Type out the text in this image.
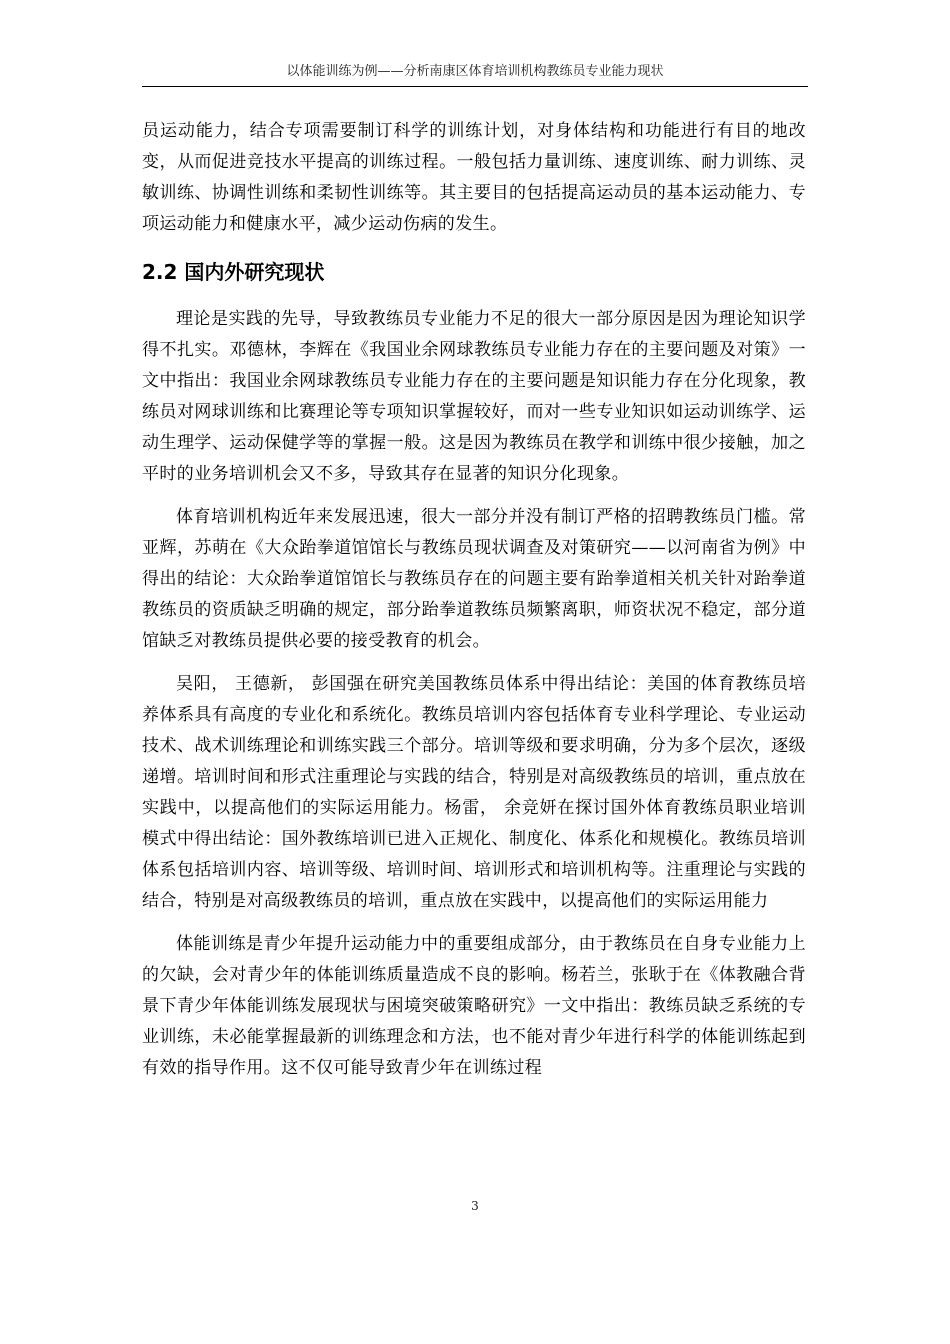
以体能训练为例——分析南康区体育培训机构教练员专业能力现状

员运动能力，结合专项需要制订科学的训练计划，对身体结构和功能进行有目的地改变，从而促进竞技水平提高的训练过程。一般包括力量训练、速度训练、耐力训练、灵敏训练、协调性训练和柔韧性训练等。其主要目的包括提高运动员的基本运动能力、专项运动能力和健康水平，减少运动伤病的发生。

2.2 国内外研究现状

理论是实践的先导，导致教练员专业能力不足的很大一部分原因是因为理论知识学得不扎实。邓德林，李辉在《我国业余网球教练员专业能力存在的主要问题及对策》一文中指出：我国业余网球教练员专业能力存在的主要问题是知识能力存在分化现象，教练员对网球训练和比赛理论等专项知识掌握较好，而对一些专业知识如运动训练学、运动生理学、运动保健学等的掌握一般。这是因为教练员在教学和训练中很少接触，加之平时的业务培训机会又不多，导致其存在显著的知识分化现象。

体育培训机构近年来发展迅速，很大一部分并没有制订严格的招聘教练员门槛。常亚辉，苏萌在《大众跆拳道馆馆长与教练员现状调查及对策研究——以河南省为例》中得出的结论：大众跆拳道馆馆长与教练员存在的问题主要有跆拳道相关机关针对跆拳道教练员的资质缺乏明确的规定，部分跆拳道教练员频繁离职，师资状况不稳定，部分道馆缺乏对教练员提供必要的接受教育的机会。

吴阳， 王德新， 彭国强在研究美国教练员体系中得出结论：美国的体育教练员培养体系具有高度的专业化和系统化。教练员培训内容包括体育专业科学理论、专业运动技术、战术训练理论和训练实践三个部分。培训等级和要求明确，分为多个层次，逐级递增。培训时间和形式注重理论与实践的结合，特别是对高级教练员的培训，重点放在实践中，以提高他们的实际运用能力。杨雷， 余竞妍在探讨国外体育教练员职业培训模式中得出结论：国外教练培训已进入正规化、制度化、体系化和规模化。教练员培训体系包括培训内容、培训等级、培训时间、培训形式和培训机构等。注重理论与实践的结合，特别是对高级教练员的培训，重点放在实践中，以提高他们的实际运用能力

体能训练是青少年提升运动能力中的重要组成部分，由于教练员在自身专业能力上的欠缺，会对青少年的体能训练质量造成不良的影响。杨若兰，张耿于在《体教融合背景下青少年体能训练发展现状与困境突破策略研究》一文中指出：教练员缺乏系统的专业训练，未必能掌握最新的训练理念和方法，也不能对青少年进行科学的体能训练起到有效的指导作用。这不仅可能导致青少年在训练过程

3
